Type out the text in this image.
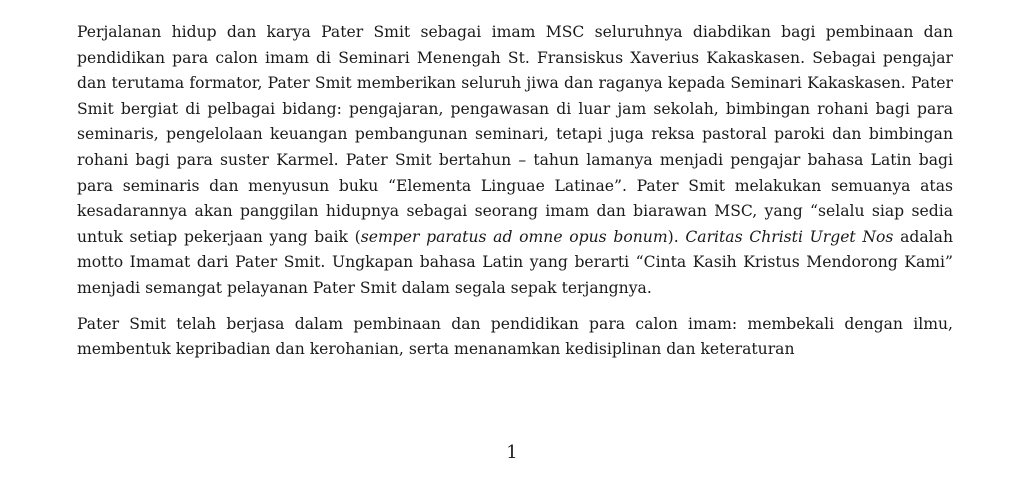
Perjalanan hidup dan karya Pater Smit sebagai imam MSC seluruhnya diabdikan bagi pembinaan dan pendidikan para calon imam di Seminari Menengah St. Fransiskus Xaverius Kakaskasen. Sebagai pengajar dan terutama formator, Pater Smit memberikan seluruh jiwa dan raganya kepada Seminari Kakaskasen. Pater Smit bergiat di pelbagai bidang: pengajaran, pengawasan di luar jam sekolah, bimbingan rohani bagi para seminaris, pengelolaan keuangan pembangunan seminari, tetapi juga reksa pastoral paroki dan bimbingan rohani bagi para suster Karmel. Pater Smit bertahun – tahun lamanya menjadi pengajar bahasa Latin bagi para seminaris dan menyusun buku “Elementa Linguae Latinae”. Pater Smit melakukan semuanya atas kesadarannya akan panggilan hidupnya sebagai seorang imam dan biarawan MSC, yang “selalu siap sedia untuk setiap pekerjaan yang baik (semper paratus ad omne opus bonum). Caritas Christi Urget Nos adalah motto Imamat dari Pater Smit. Ungkapan bahasa Latin yang berarti “Cinta Kasih Kristus Mendorong Kami” menjadi semangat pelayanan Pater Smit dalam segala sepak terjangnya.

Pater Smit telah berjasa dalam pembinaan dan pendidikan para calon imam: membekali dengan ilmu, membentuk kepribadian dan kerohanian, serta menanamkan kedisiplinan dan keteraturan

1
